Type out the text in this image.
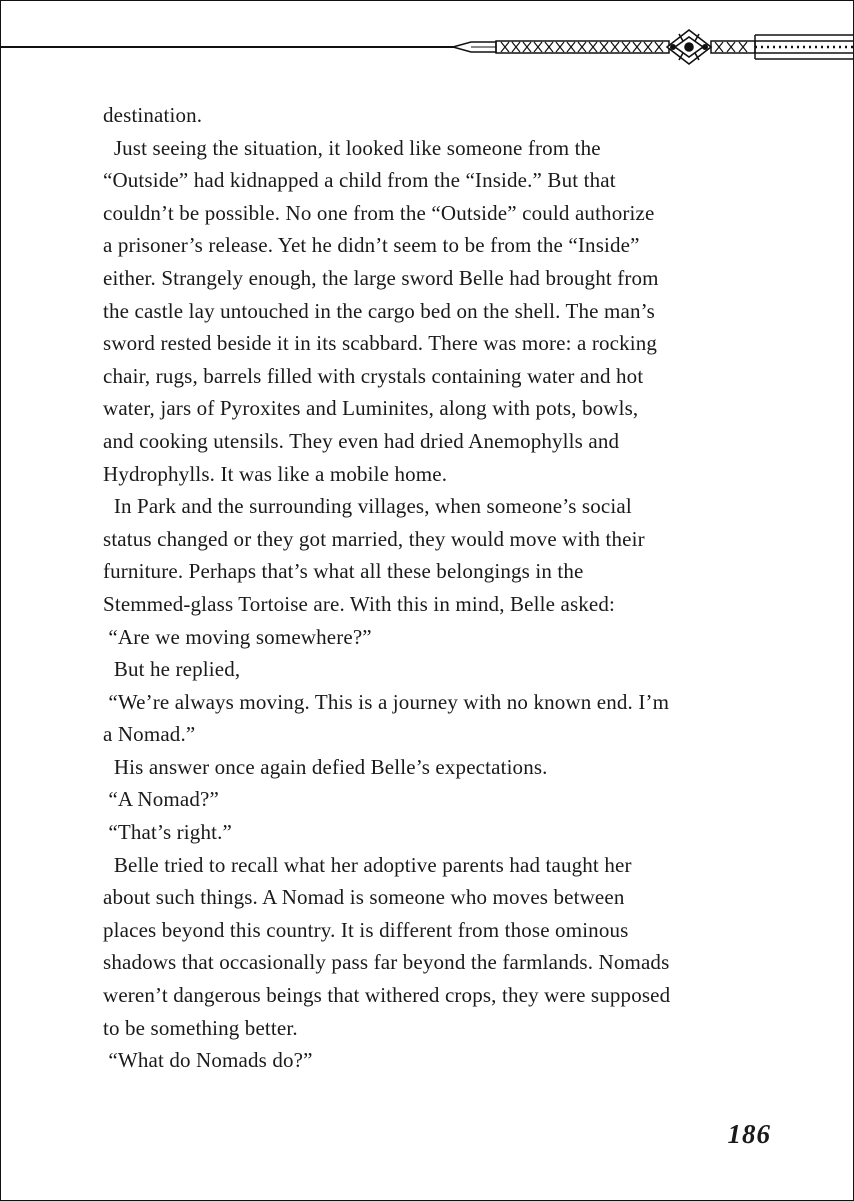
destination.

Just seeing the situation, it looked like someone from the

“Outside” had kidnapped a child from the “Inside.” But that

couldn’t be possible. No one from the “Outside” could authorize

a prisoner’s release. Yet he didn’t seem to be from the “Inside”

either. Strangely enough, the large sword Belle had brought from

the castle lay untouched in the cargo bed on the shell. The man’s

sword rested beside it in its scabbard. There was more: a rocking

chair, rugs, barrels filled with crystals containing water and hot

water, jars of Pyroxites and Luminites, along with pots, bowls,

and cooking utensils. They even had dried Anemophylls and

Hydrophylls. It was like a mobile home.

In Park and the surrounding villages, when someone’s social

status changed or they got married, they would move with their

furniture. Perhaps that’s what all these belongings in the

Stemmed-glass Tortoise are. With this in mind, Belle asked:

“Are we moving somewhere?”

But he replied,

“We’re always moving. This is a journey with no known end. I’m

a Nomad.”

His answer once again defied Belle’s expectations.

“A Nomad?”

“That’s right.”

Belle tried to recall what her adoptive parents had taught her

about such things. A Nomad is someone who moves between

places beyond this country. It is different from those ominous

shadows that occasionally pass far beyond the farmlands. Nomads

weren’t dangerous beings that withered crops, they were supposed

to be something better.

“What do Nomads do?”

186
